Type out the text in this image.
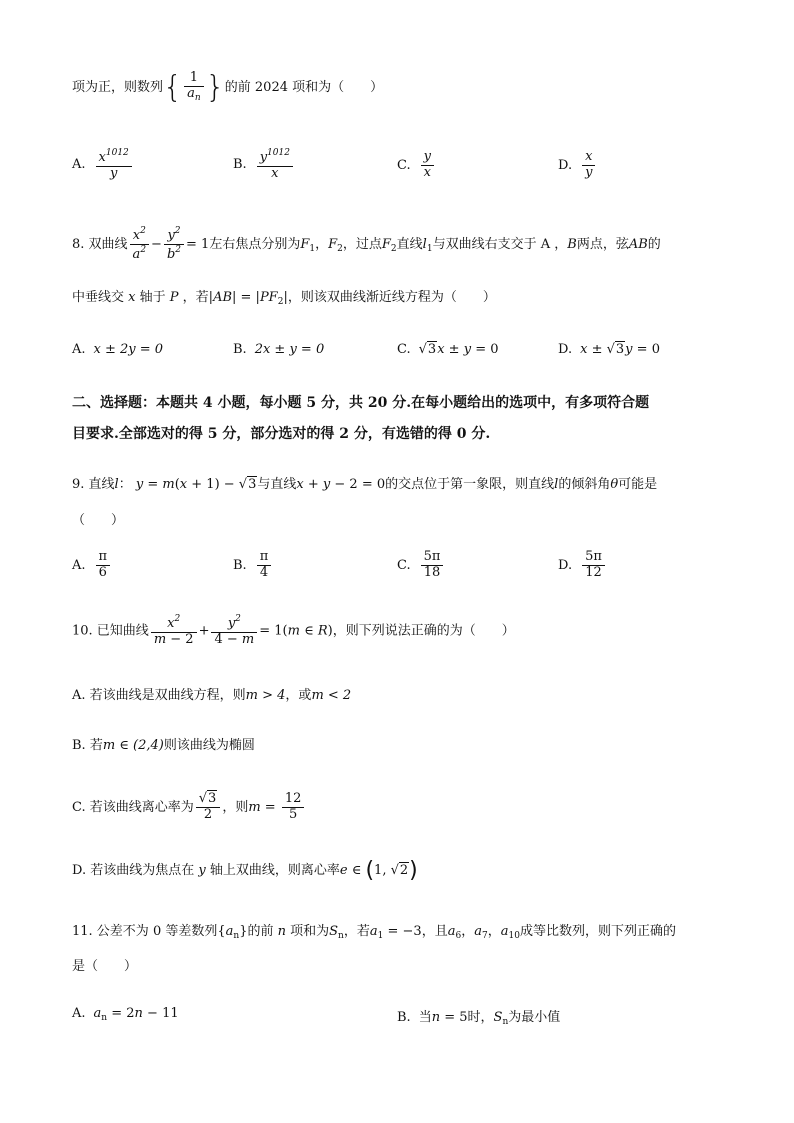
项为正，则数列{ $\frac{1}{a_n}$ }的前 2024 项和为（　　）
A. $\frac{x^{1012}}{y}$	B. $\frac{y^{1012}}{x}$	C. $\frac{y}{x}$	D. $\frac{x}{y}$
8. 双曲线 $\frac{x^2}{a^2} - \frac{y^2}{b^2} = 1$左右焦点分别为$F_1$，$F_2$，过点$F_2$直线$l_1$与双曲线右支交于 A ，B两点，弦AB的
中垂线交 x 轴于 P ，若$|AB| = |PF_2|$，则该双曲线渐近线方程为（　　）
A. x ± 2y = 0	B. 2x ± y = 0	C. √3x ± y = 0	D. x ± √3y = 0
二、选择题：本题共 4 小题，每小题 5 分，共 20 分.在每小题给出的选项中，有多项符合题
目要求.全部选对的得 5 分，部分选对的得 2 分，有选错的得 0 分.
9. 直线l： y = m(x + 1) − √3与直线x + y − 2 = 0的交点位于第一象限，则直线l的倾斜角θ可能是
（　　）
A. $\frac{\pi}{6}$	B. $\frac{\pi}{4}$	C. $\frac{5\pi}{18}$	D. $\frac{5\pi}{12}$
10. 已知曲线 $\frac{x^2}{m - 2} + \frac{y^2}{4 - m} = 1(m$ ∈ R)，则下列说法正确的为（　　）
A. 若该曲线是双曲线方程，则m > 4，或m < 2
B. 若m ∈ (2,4)则该曲线为椭圆
C. 若该曲线离心率为 $\frac{√3}{2}$ ，则$m = \frac{12}{5}$
D. 若该曲线为焦点在 y 轴上双曲线，则离心率e ∈ (1, √2)
11. 公差不为 0 等差数列$\{a_n\}$的前 n 项和为$S_n$，若$a_1 = -3$，且$a_6$，$a_7$，$a_{10}$成等比数列，则下列正确的
是（　　）
A. $a_n = 2n - 11$	B. 当n = 5时，$S_n$为最小值
